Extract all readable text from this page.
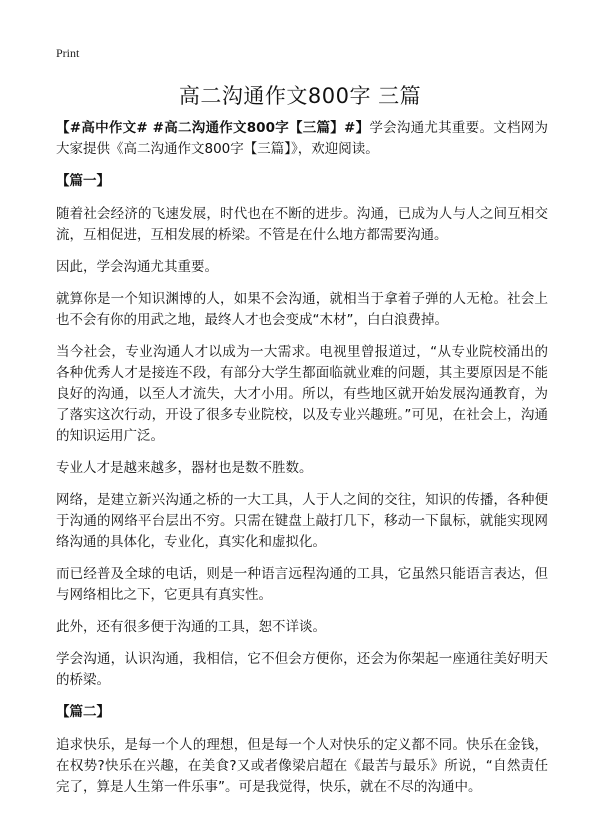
Print
高二沟通作文800字 三篇

【#高中作文# #高二沟通作文800字【三篇】#】学会沟通尤其重要。文档网为大家提供《高二沟通作文800字【三篇】》，欢迎阅读。

【篇一】

随着社会经济的飞速发展，时代也在不断的进步。沟通，已成为人与人之间互相交流，互相促进，互相发展的桥梁。不管是在什么地方都需要沟通。

因此，学会沟通尤其重要。

就算你是一个知识渊博的人，如果不会沟通，就相当于拿着子弹的人无枪。社会上也不会有你的用武之地，最终人才也会变成“木材”，白白浪费掉。

当今社会，专业沟通人才以成为一大需求。电视里曾报道过，“从专业院校涌出的各种优秀人才是接连不段，有部分大学生都面临就业难的问题，其主要原因是不能良好的沟通，以至人才流失，大才小用。所以，有些地区就开始发展沟通教育，为了落实这次行动，开设了很多专业院校，以及专业兴趣班。”可见，在社会上，沟通的知识运用广泛。

专业人才是越来越多，器材也是数不胜数。

网络，是建立新兴沟通之桥的一大工具，人于人之间的交往，知识的传播，各种便于沟通的网络平台层出不穷。只需在键盘上敲打几下，移动一下鼠标，就能实现网络沟通的具体化，专业化，真实化和虚拟化。

而已经普及全球的电话，则是一种语言远程沟通的工具，它虽然只能语言表达，但与网络相比之下，它更具有真实性。

此外，还有很多便于沟通的工具，恕不详谈。

学会沟通，认识沟通，我相信，它不但会方便你，还会为你架起一座通往美好明天的桥梁。

【篇二】

追求快乐，是每一个人的理想，但是每一个人对快乐的定义都不同。快乐在金钱，在权势?快乐在兴趣，在美食?又或者像梁启超在《最苦与最乐》所说，“自然责任完了，算是人生第一件乐事”。可是我觉得，快乐，就在不尽的沟通中。
